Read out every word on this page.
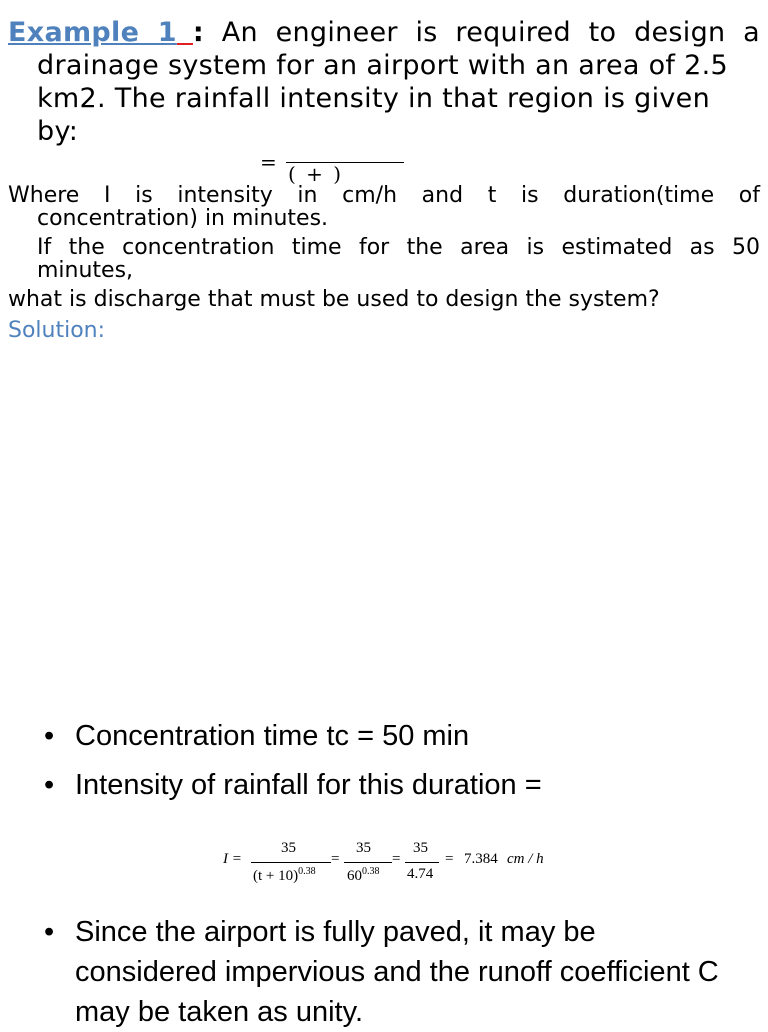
Example 1 : An engineer is required to design a
drainage system for an airport with an area of 2.5
km2. The rainfall intensity in that region is given
by:
= ( + )
Where I is intensity in cm/h and t is duration(time of
concentration) in minutes.
If the concentration time for the area is estimated as 50
minutes,
what is discharge that must be used to design the system?
Solution:
• Concentration time tc = 50 min
• Intensity of rainfall for this duration =
I =
35
$(t + 10)^{0.38}$
=
35
$60^{0.38}$
=
35
4.74
= 7.384 cm / h
• Since the airport is fully paved, it may be considered impervious and the runoff coefficient C may be taken as unity.
